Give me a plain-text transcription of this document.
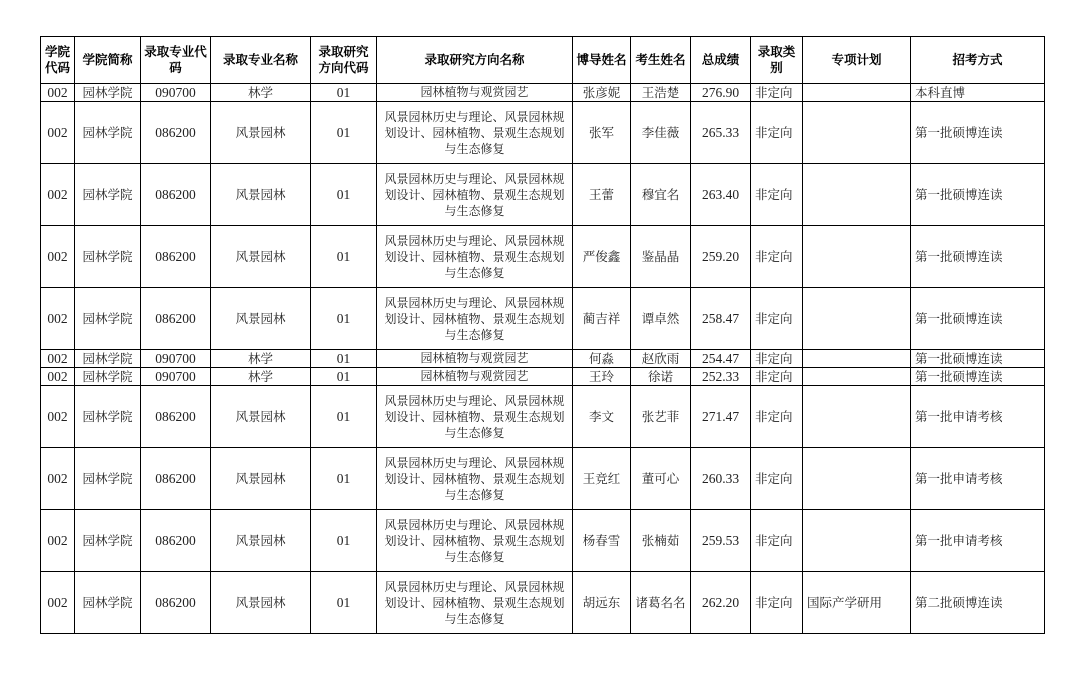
学院代码	学院简称	录取专业代码	录取专业名称	录取研究方向代码	录取研究方向名称	博导姓名	考生姓名	总成绩	录取类别	专项计划	招考方式
002	园林学院	090700	林学	01	园林植物与观赏园艺	张彦妮	王浩楚	276.90	非定向		本科直博
002	园林学院	086200	风景园林	01	风景园林历史与理论、风景园林规划设计、园林植物、景观生态规划与生态修复	张军	李佳薇	265.33	非定向		第一批硕博连读
002	园林学院	086200	风景园林	01	风景园林历史与理论、风景园林规划设计、园林植物、景观生态规划与生态修复	王蕾	穆宜名	263.40	非定向		第一批硕博连读
002	园林学院	086200	风景园林	01	风景园林历史与理论、风景园林规划设计、园林植物、景观生态规划与生态修复	严俊鑫	鉴晶晶	259.20	非定向		第一批硕博连读
002	园林学院	086200	风景园林	01	风景园林历史与理论、风景园林规划设计、园林植物、景观生态规划与生态修复	蔺吉祥	谭卓然	258.47	非定向		第一批硕博连读
002	园林学院	090700	林学	01	园林植物与观赏园艺	何淼	赵欣雨	254.47	非定向		第一批硕博连读
002	园林学院	090700	林学	01	园林植物与观赏园艺	王玲	徐诺	252.33	非定向		第一批硕博连读
002	园林学院	086200	风景园林	01	风景园林历史与理论、风景园林规划设计、园林植物、景观生态规划与生态修复	李文	张艺菲	271.47	非定向		第一批申请考核
002	园林学院	086200	风景园林	01	风景园林历史与理论、风景园林规划设计、园林植物、景观生态规划与生态修复	王竞红	董可心	260.33	非定向		第一批申请考核
002	园林学院	086200	风景园林	01	风景园林历史与理论、风景园林规划设计、园林植物、景观生态规划与生态修复	杨春雪	张楠茹	259.53	非定向		第一批申请考核
002	园林学院	086200	风景园林	01	风景园林历史与理论、风景园林规划设计、园林植物、景观生态规划与生态修复	胡远东	诸葛名名	262.20	非定向	国际产学研用	第二批硕博连读
